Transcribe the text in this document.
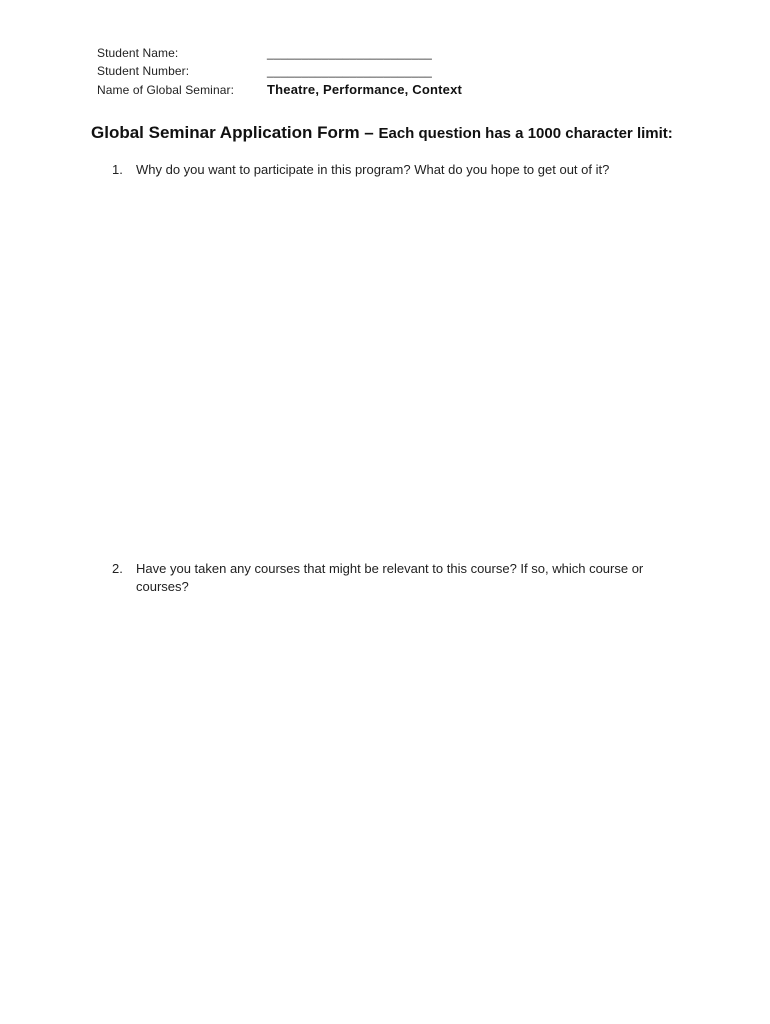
Student Name:	________________________
Student Number:	________________________
Name of Global Seminar:	Theatre, Performance, Context
Global Seminar Application Form – Each question has a 1000 character limit:
1.	Why do you want to participate in this program? What do you hope to get out of it?
2.	Have you taken any courses that might be relevant to this course? If so, which course or courses?
